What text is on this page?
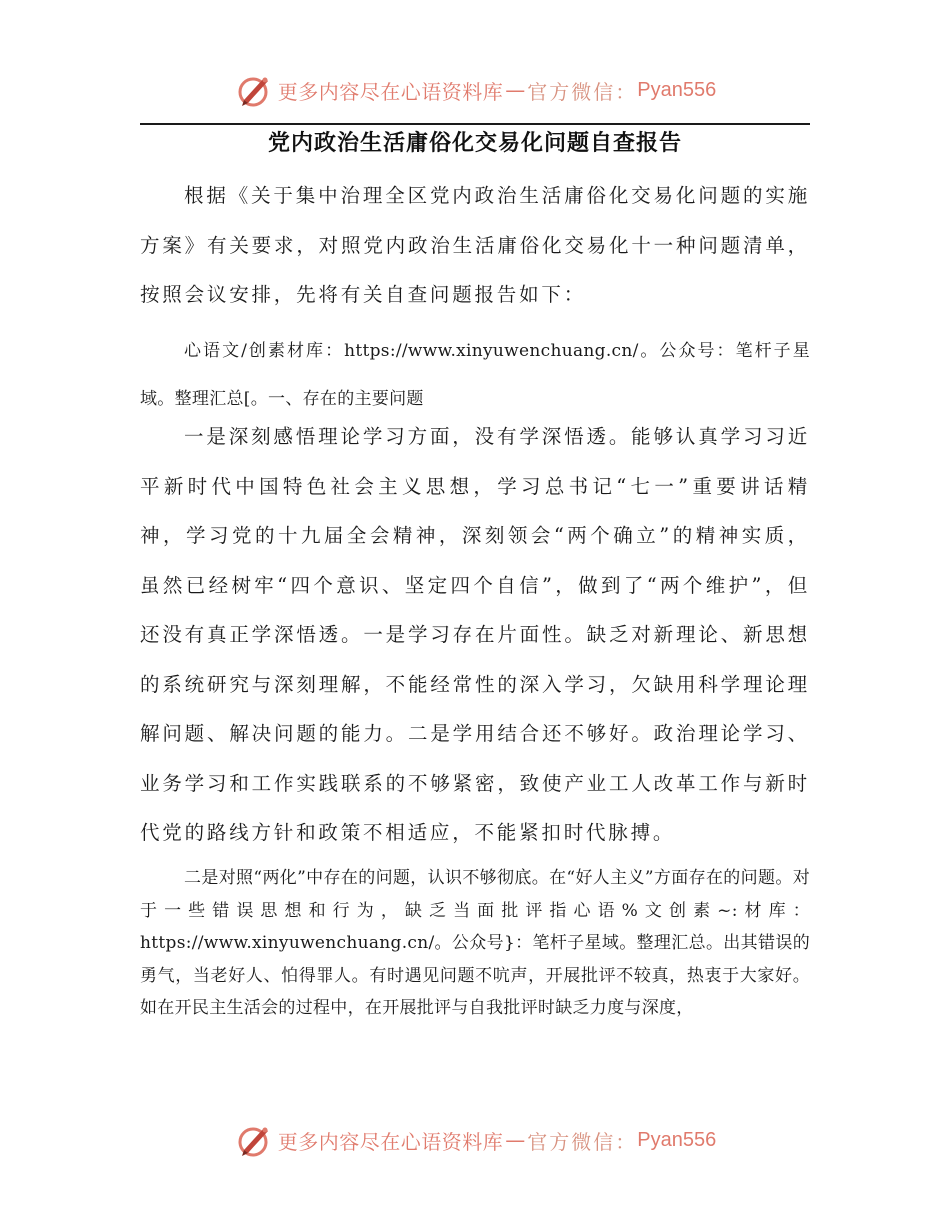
更多内容尽在心语资料库 — 官方微信： Pyan556
党内政治生活庸俗化交易化问题自查报告

根据《关于集中治理全区党内政治生活庸俗化交易化问题的实施方案》有关要求，对照党内政治生活庸俗化交易化十一种问题清单，按照会议安排，先将有关自查问题报告如下：

心语文/创素材库：https://www.xinyuwenchuang.cn/。公众号：笔杆子星域。整理汇总[。一、存在的主要问题

一是深刻感悟理论学习方面，没有学深悟透。能够认真学习习近平新时代中国特色社会主义思想，学习总书记“七一”重要讲话精神，学习党的十九届全会精神，深刻领会“两个确立”的精神实质，虽然已经树牢“四个意识、坚定四个自信”，做到了“两个维护”，但还没有真正学深悟透。一是学习存在片面性。缺乏对新理论、新思想的系统研究与深刻理解，不能经常性的深入学习，欠缺用科学理论理解问题、解决问题的能力。二是学用结合还不够好。政治理论学习、业务学习和工作实践联系的不够紧密，致使产业工人改革工作与新时代党的路线方针和政策不相适应，不能紧扣时代脉搏。

二是对照“两化”中存在的问题，认识不够彻底。在“好人主义”方面存在的问题。对于一些错误思想和行为，缺乏当面批评指心语%文创素~:材库：https://www.xinyuwenchuang.cn/。公众号}：笔杆子星域。整理汇总。出其错误的勇气，当老好人、怕得罪人。有时遇见问题不吭声，开展批评不较真，热衷于大家好。如在开民主生活会的过程中，在开展批评与自我批评时缺乏力度与深度，

更多内容尽在心语资料库 — 官方微信： Pyan556
